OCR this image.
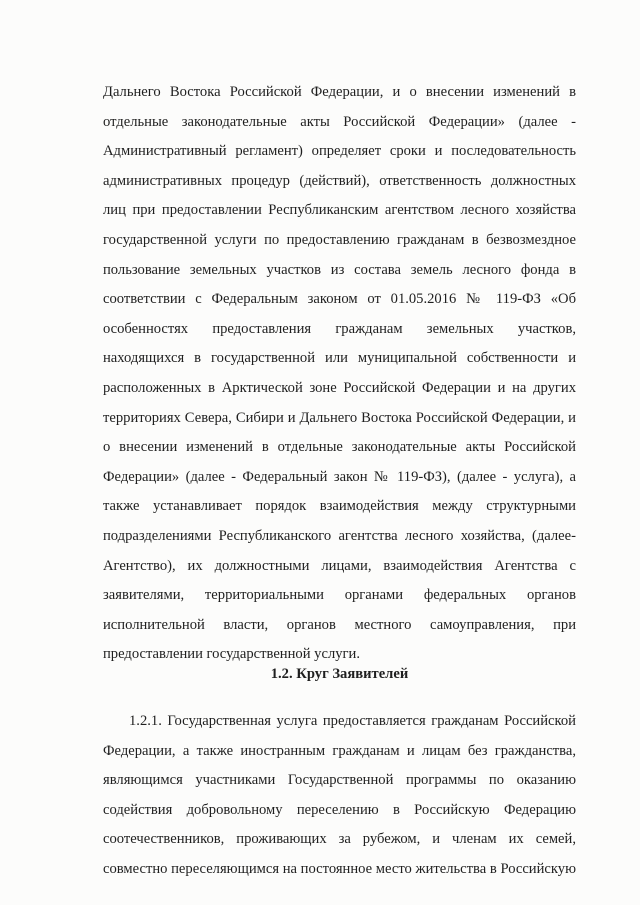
Дальнего Востока Российской Федерации, и о внесении изменений в
отдельные законодательные акты Российской Федерации» (далее -
Административный регламент) определяет сроки и последовательность
административных процедур (действий), ответственность должностных
лиц при предоставлении Республиканским агентством лесного хозяйства
государственной услуги по предоставлению гражданам в безвозмездное
пользование земельных участков из состава земель лесного фонда в
соответствии с Федеральным законом от 01.05.2016 № 119-ФЗ «Об
особенностях предоставления гражданам земельных участков,
находящихся в государственной или муниципальной собственности и
расположенных в Арктической зоне Российской Федерации и на других
территориях Севера, Сибири и Дальнего Востока Российской Федерации, и
о внесении изменений в отдельные законодательные акты Российской
Федерации» (далее - Федеральный закон № 119-ФЗ), (далее - услуга), а
также устанавливает порядок взаимодействия между структурными
подразделениями Республиканского агентства лесного хозяйства, (далее-
Агентство), их должностными лицами, взаимодействия Агентства с
заявителями, территориальными органами федеральных органов
исполнительной власти, органов местного самоуправления, при
предоставлении государственной услуги.
1.2. Круг Заявителей
1.2.1. Государственная услуга предоставляется гражданам Российской
Федерации, а также иностранным гражданам и лицам без гражданства,
являющимся участниками Государственной программы по оказанию
содействия добровольному переселению в Российскую Федерацию
соотечественников, проживающих за рубежом, и членам их семей,
совместно переселяющимся на постоянное место жительства в Российскую
